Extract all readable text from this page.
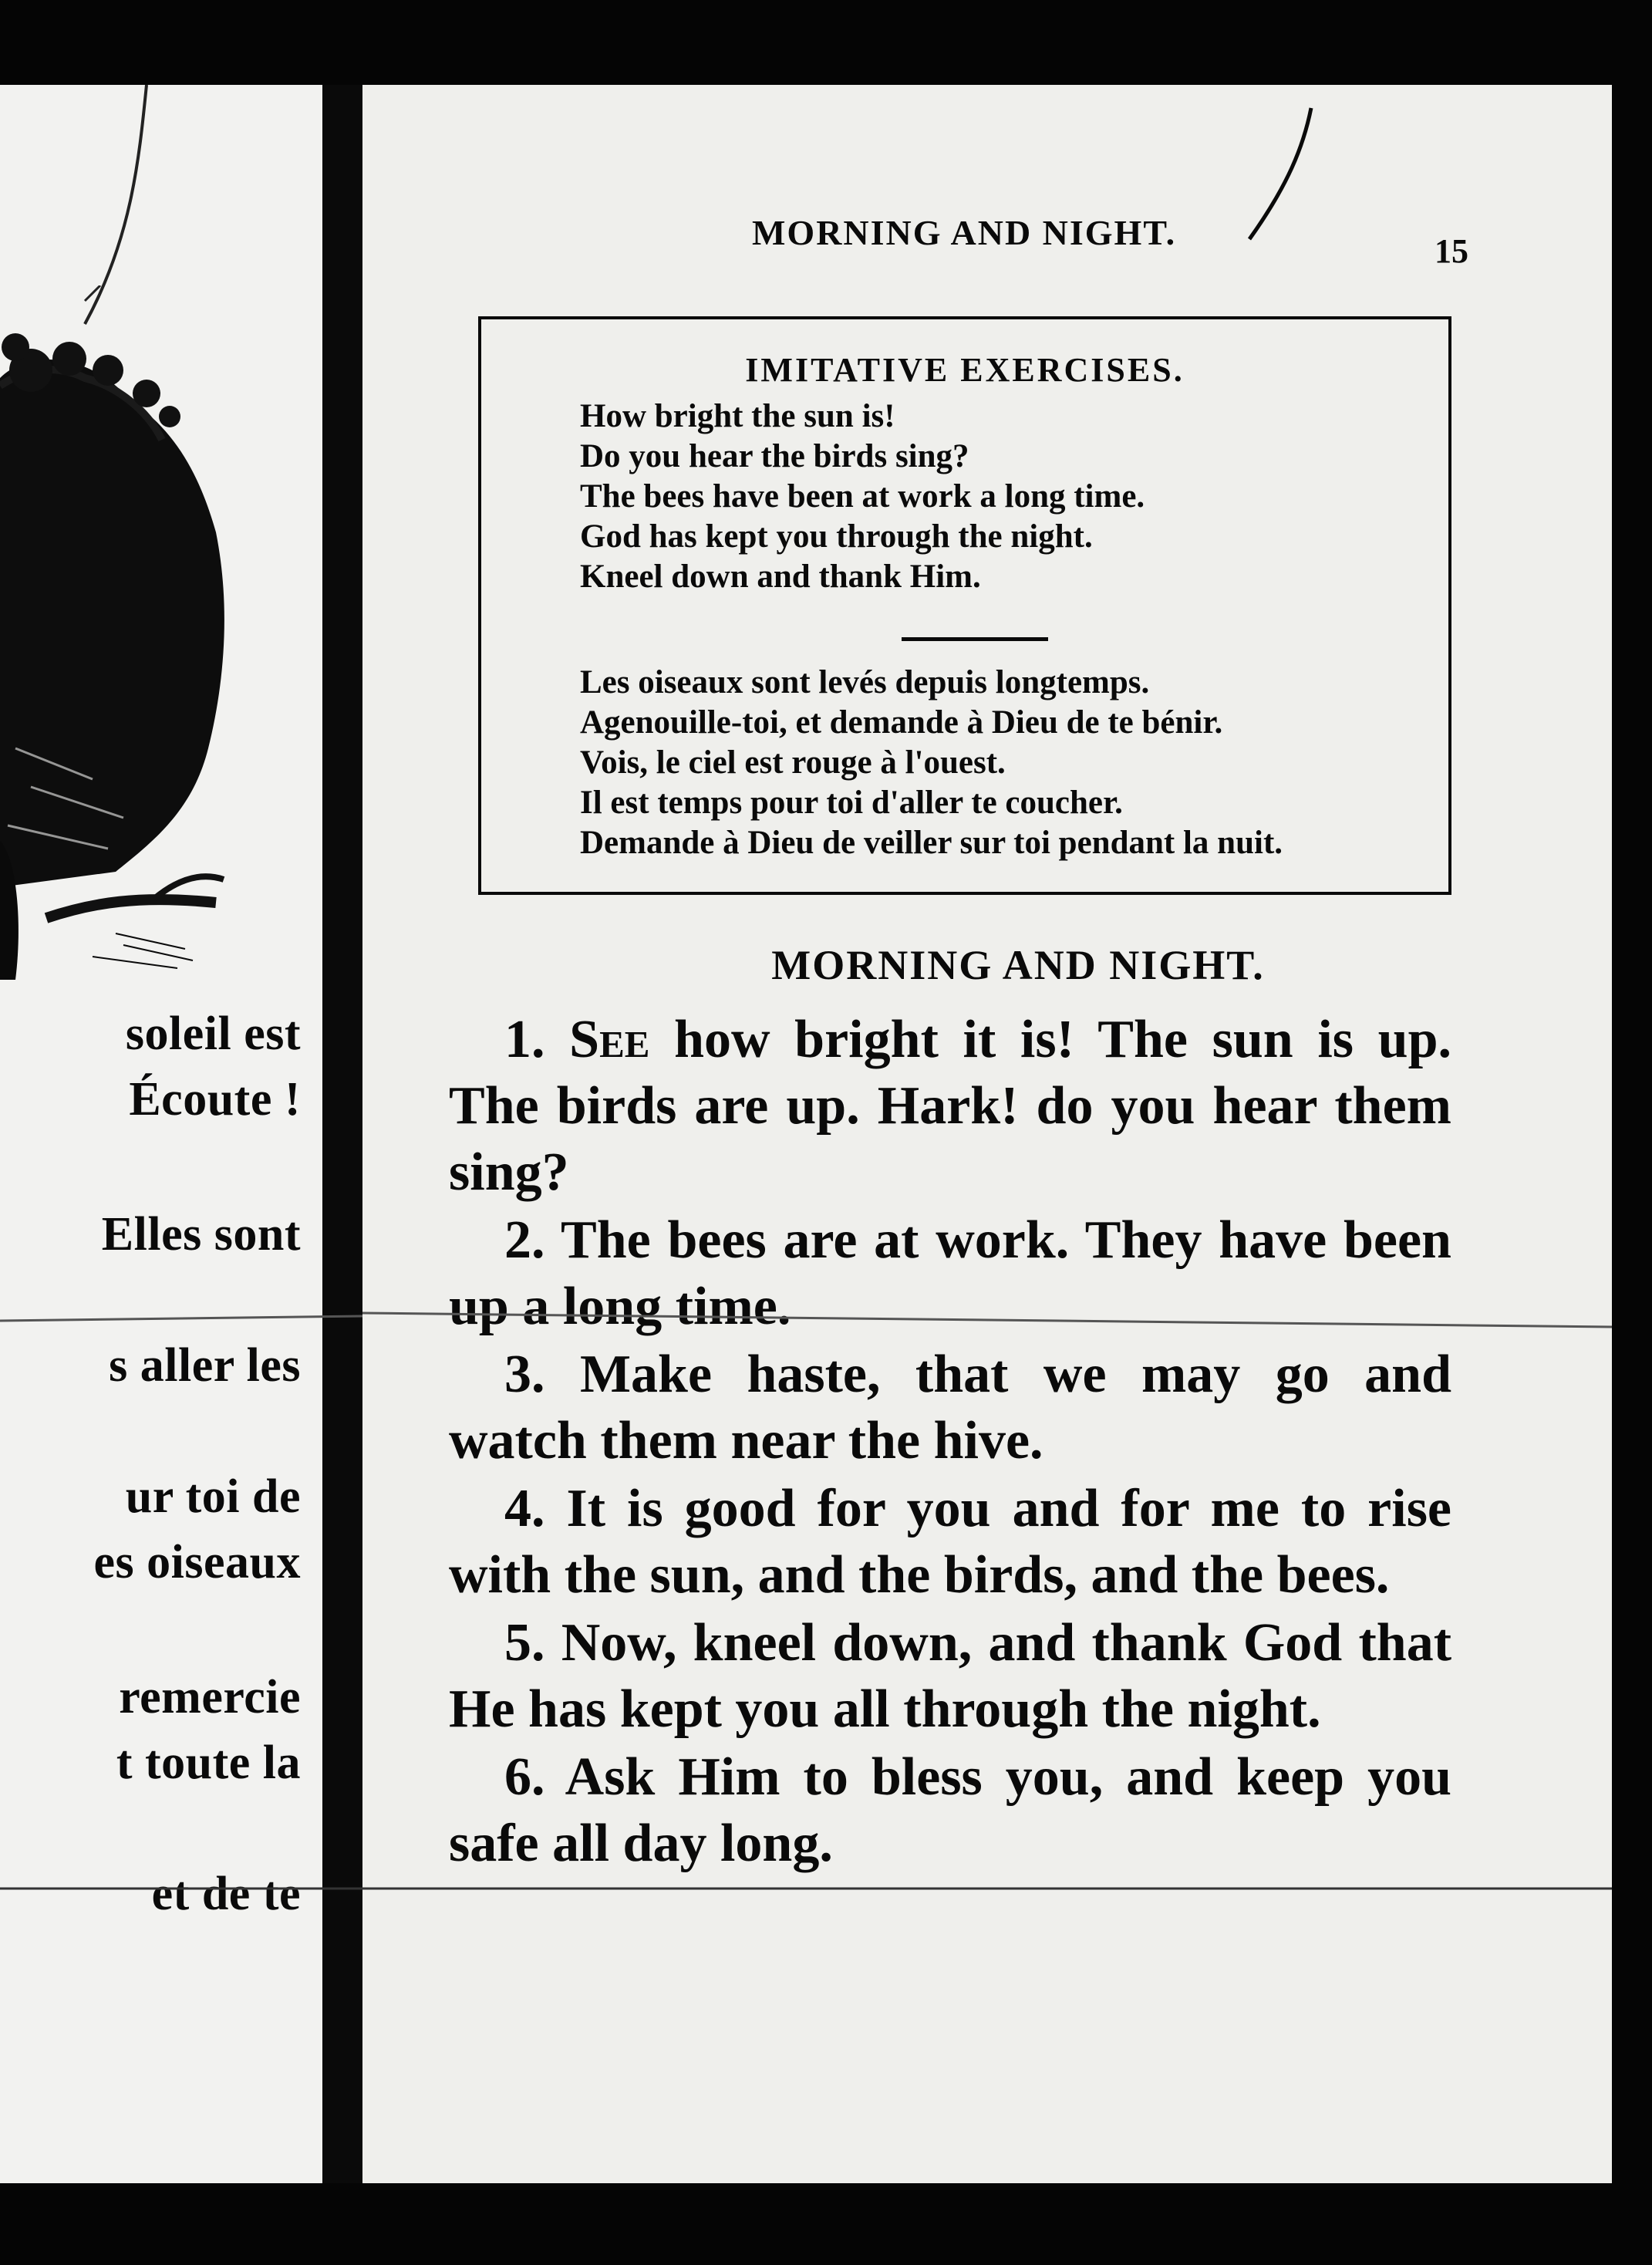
soleil est
Écoute !
Elles sont
s aller les
ur toi de
es oiseaux
remercie
t toute la
et de te
MORNING AND NIGHT.	15
IMITATIVE EXERCISES.
How bright the sun is!
Do you hear the birds sing?
The bees have been at work a long time.
God has kept you through the night.
Kneel down and thank Him.
Les oiseaux sont levés depuis longtemps.
Agenouille-toi, et demande à Dieu de te bénir.
Vois, le ciel est rouge à l'ouest.
Il est temps pour toi d'aller te coucher.
Demande à Dieu de veiller sur toi pendant la nuit.
MORNING AND NIGHT.

1. See how bright it is! The sun is up. The birds are up. Hark! do you hear them sing?

2. The bees are at work. They have been up a long time.

3. Make haste, that we may go and watch them near the hive.

4. It is good for you and for me to rise with the sun, and the birds, and the bees.

5. Now, kneel down, and thank God that He has kept you all through the night.

6. Ask Him to bless you, and keep you safe all day long.
